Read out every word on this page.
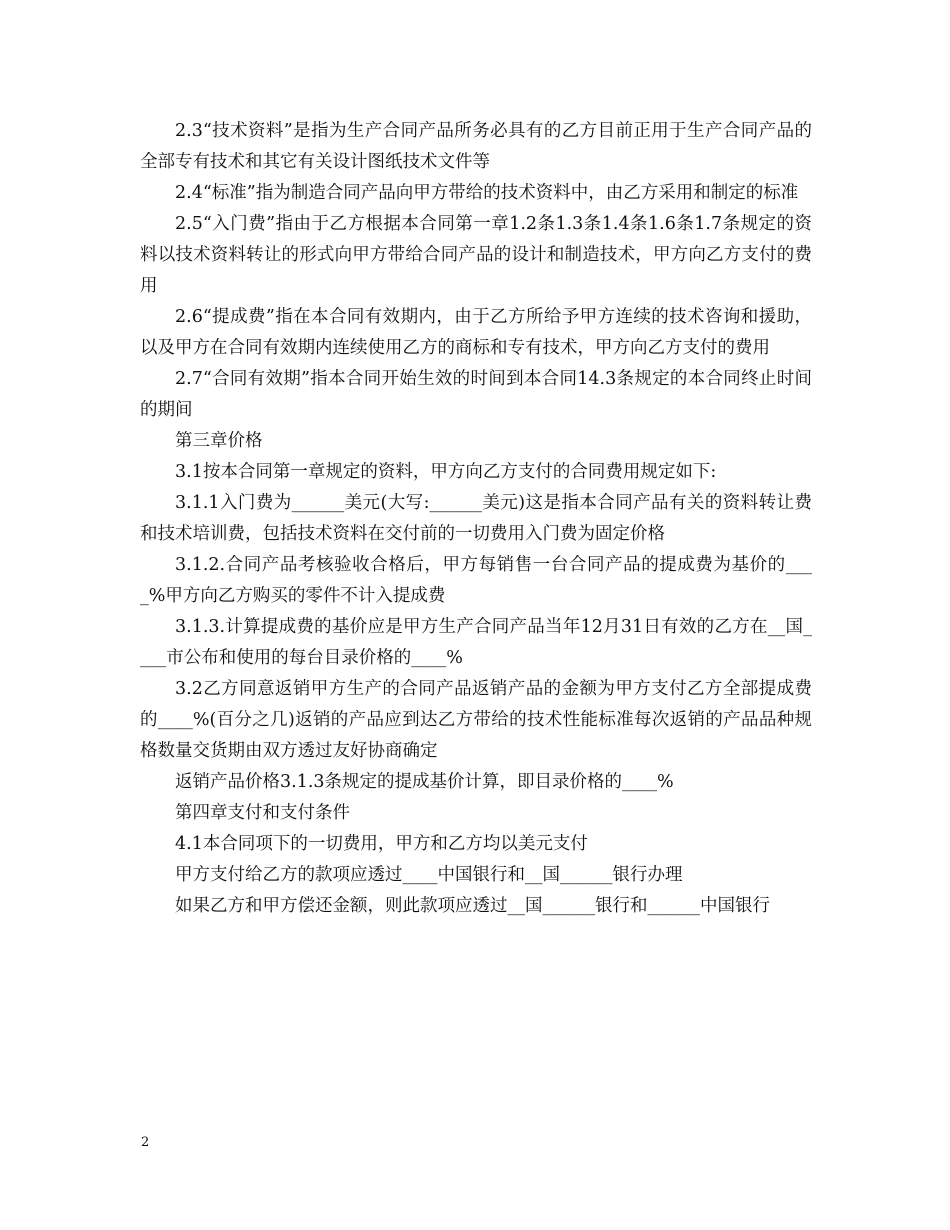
2.3“技术资料”是指为生产合同产品所务必具有的乙方目前正用于生产合同产品的全部专有技术和其它有关设计图纸技术文件等

2.4“标准”指为制造合同产品向甲方带给的技术资料中，由乙方采用和制定的标准

2.5“入门费”指由于乙方根据本合同第一章1.2条1.3条1.4条1.6条1.7条规定的资料以技术资料转让的形式向甲方带给合同产品的设计和制造技术，甲方向乙方支付的费用

2.6“提成费”指在本合同有效期内，由于乙方所给予甲方连续的技术咨询和援助，以及甲方在合同有效期内连续使用乙方的商标和专有技术，甲方向乙方支付的费用

2.7“合同有效期”指本合同开始生效的时间到本合同14.3条规定的本合同终止时间的期间

第三章价格

3.1按本合同第一章规定的资料，甲方向乙方支付的合同费用规定如下:

3.1.1入门费为______美元(大写:______美元)这是指本合同产品有关的资料转让费和技术培训费，包括技术资料在交付前的一切费用入门费为固定价格

3.1.2.合同产品考核验收合格后，甲方每销售一台合同产品的提成费为基价的____%甲方向乙方购买的零件不计入提成费

3.1.3.计算提成费的基价应是甲方生产合同产品当年12月31日有效的乙方在__国____市公布和使用的每台目录价格的____%

3.2乙方同意返销甲方生产的合同产品返销产品的金额为甲方支付乙方全部提成费的____%(百分之几)返销的产品应到达乙方带给的技术性能标准每次返销的产品品种规格数量交货期由双方透过友好协商确定

返销产品价格3.1.3条规定的提成基价计算，即目录价格的____%

第四章支付和支付条件

4.1本合同项下的一切费用，甲方和乙方均以美元支付

甲方支付给乙方的款项应透过____中国银行和__国______银行办理

如果乙方和甲方偿还金额，则此款项应透过__国______银行和______中国银行

2
